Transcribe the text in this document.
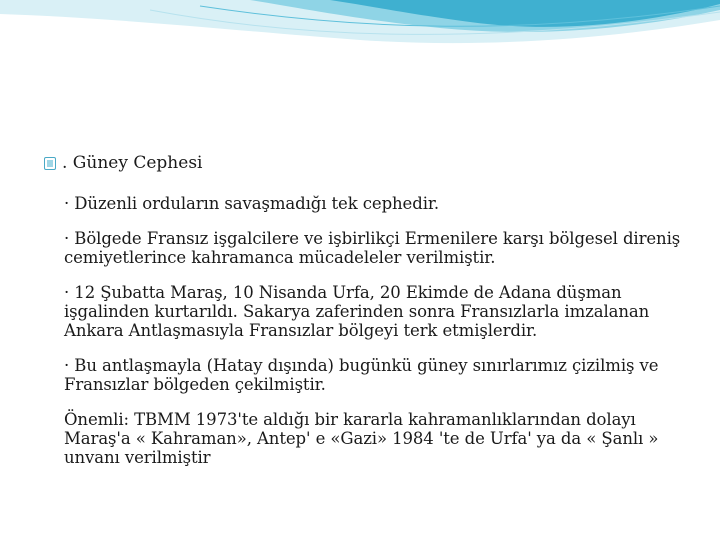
. Güney Cephesi
· Düzenli orduların savaşmadığı tek cephedir.
· Bölgede Fransız işgalcilere ve işbirlikçi Ermenilere karşı bölgesel direniş cemiyetlerince kahramanca mücadeleler verilmiştir.
· 12 Şubatta Maraş, 10 Nisanda Urfa, 20 Ekimde de Adana düşman işgalinden kurtarıldı. Sakarya zaferinden sonra Fransızlarla imzalanan Ankara Antlaşmasıyla Fransızlar bölgeyi terk etmişlerdir.
· Bu antlaşmayla (Hatay dışında) bugünkü güney sınırlarımız çizilmiş ve Fransızlar bölgeden çekilmiştir.
Önemli: TBMM 1973'te aldığı bir kararla kahramanlıklarından dolayı Maraş'a « Kahraman», Antep' e «Gazi» 1984 'te de Urfa' ya da « Şanlı » unvanı verilmiştir
